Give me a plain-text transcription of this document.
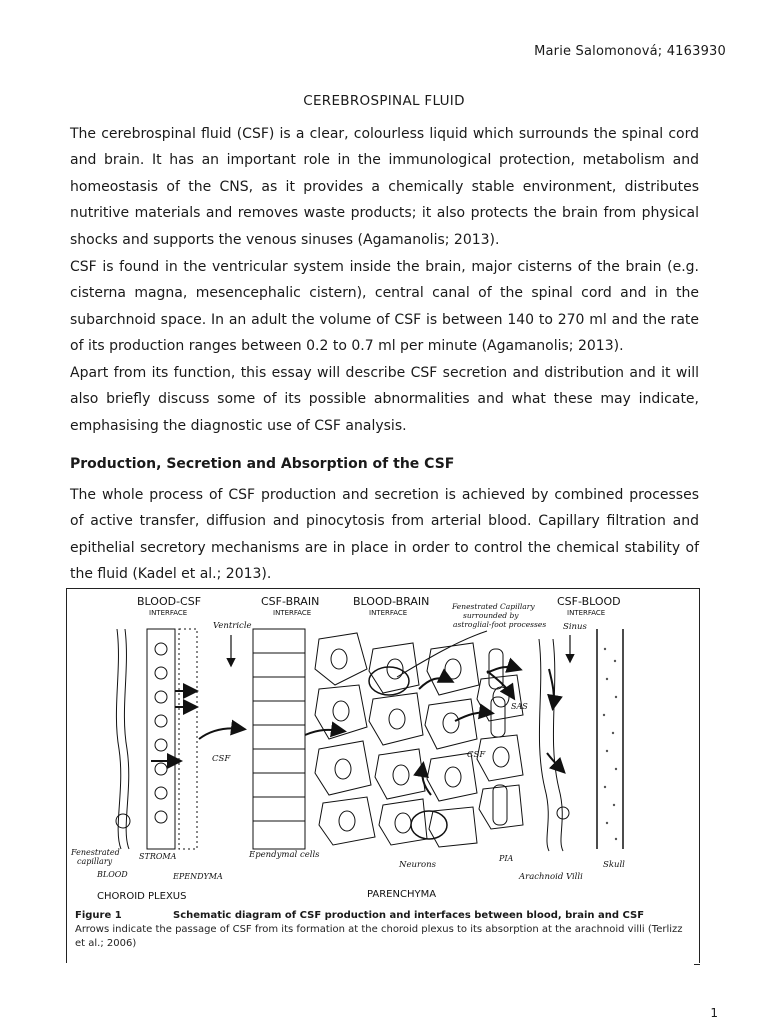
Marie Salomonová; 4163930
CEREBROSPINAL FLUID

The cerebrospinal fluid (CSF) is a clear, colourless liquid which surrounds the spinal cord and brain. It has an important role in the immunological protection, metabolism and homeostasis of the CNS, as it provides a chemically stable environment, distributes nutritive materials and removes waste products; it also protects the brain from physical shocks and supports the venous sinuses (Agamanolis; 2013).

CSF is found in the ventricular system inside the brain, major cisterns of the brain (e.g. cisterna magna, mesencephalic cistern), central canal of the spinal cord and in the subarchnoid space. In an adult the volume of CSF is between 140 to 270 ml and the rate of its production ranges between 0.2 to 0.7 ml per minute (Agamanolis; 2013).

Apart from its function, this essay will describe CSF secretion and distribution and it will also briefly discuss some of its possible abnormalities and what these may indicate, emphasising the diagnostic use of CSF analysis.

Production, Secretion and Absorption of the CSF

The whole process of CSF production and secretion is achieved by combined processes of active transfer, diffusion and pinocytosis from arterial blood. Capillary filtration and epithelial secretory mechanisms are in place in order to control the chemical stability of the fluid (Kadel et al.; 2013).

BLOOD-CSF
INTERFACE
CSF-BRAIN
INTERFACE
BLOOD-BRAIN
INTERFACE
CSF-BLOOD
INTERFACE
Fenestrated Capillary
surrounded by
astroglial-foot processes
Ventricle	Sinus
CSF	CSF
SAS
Fenestrated
capillary
STROMA	Ependymal cells
Neurons
PIA
Skull
BLOOD	EPENDYMA	Arachnoid Villi
CHOROID PLEXUS	PARENCHYMA
Figure 1	Schematic diagram of CSF production and interfaces between blood, brain and CSF
Arrows indicate the passage of CSF from its formation at the choroid plexus to its absorption at the arachnoid villi (Terlizz et al.; 2006)
1
